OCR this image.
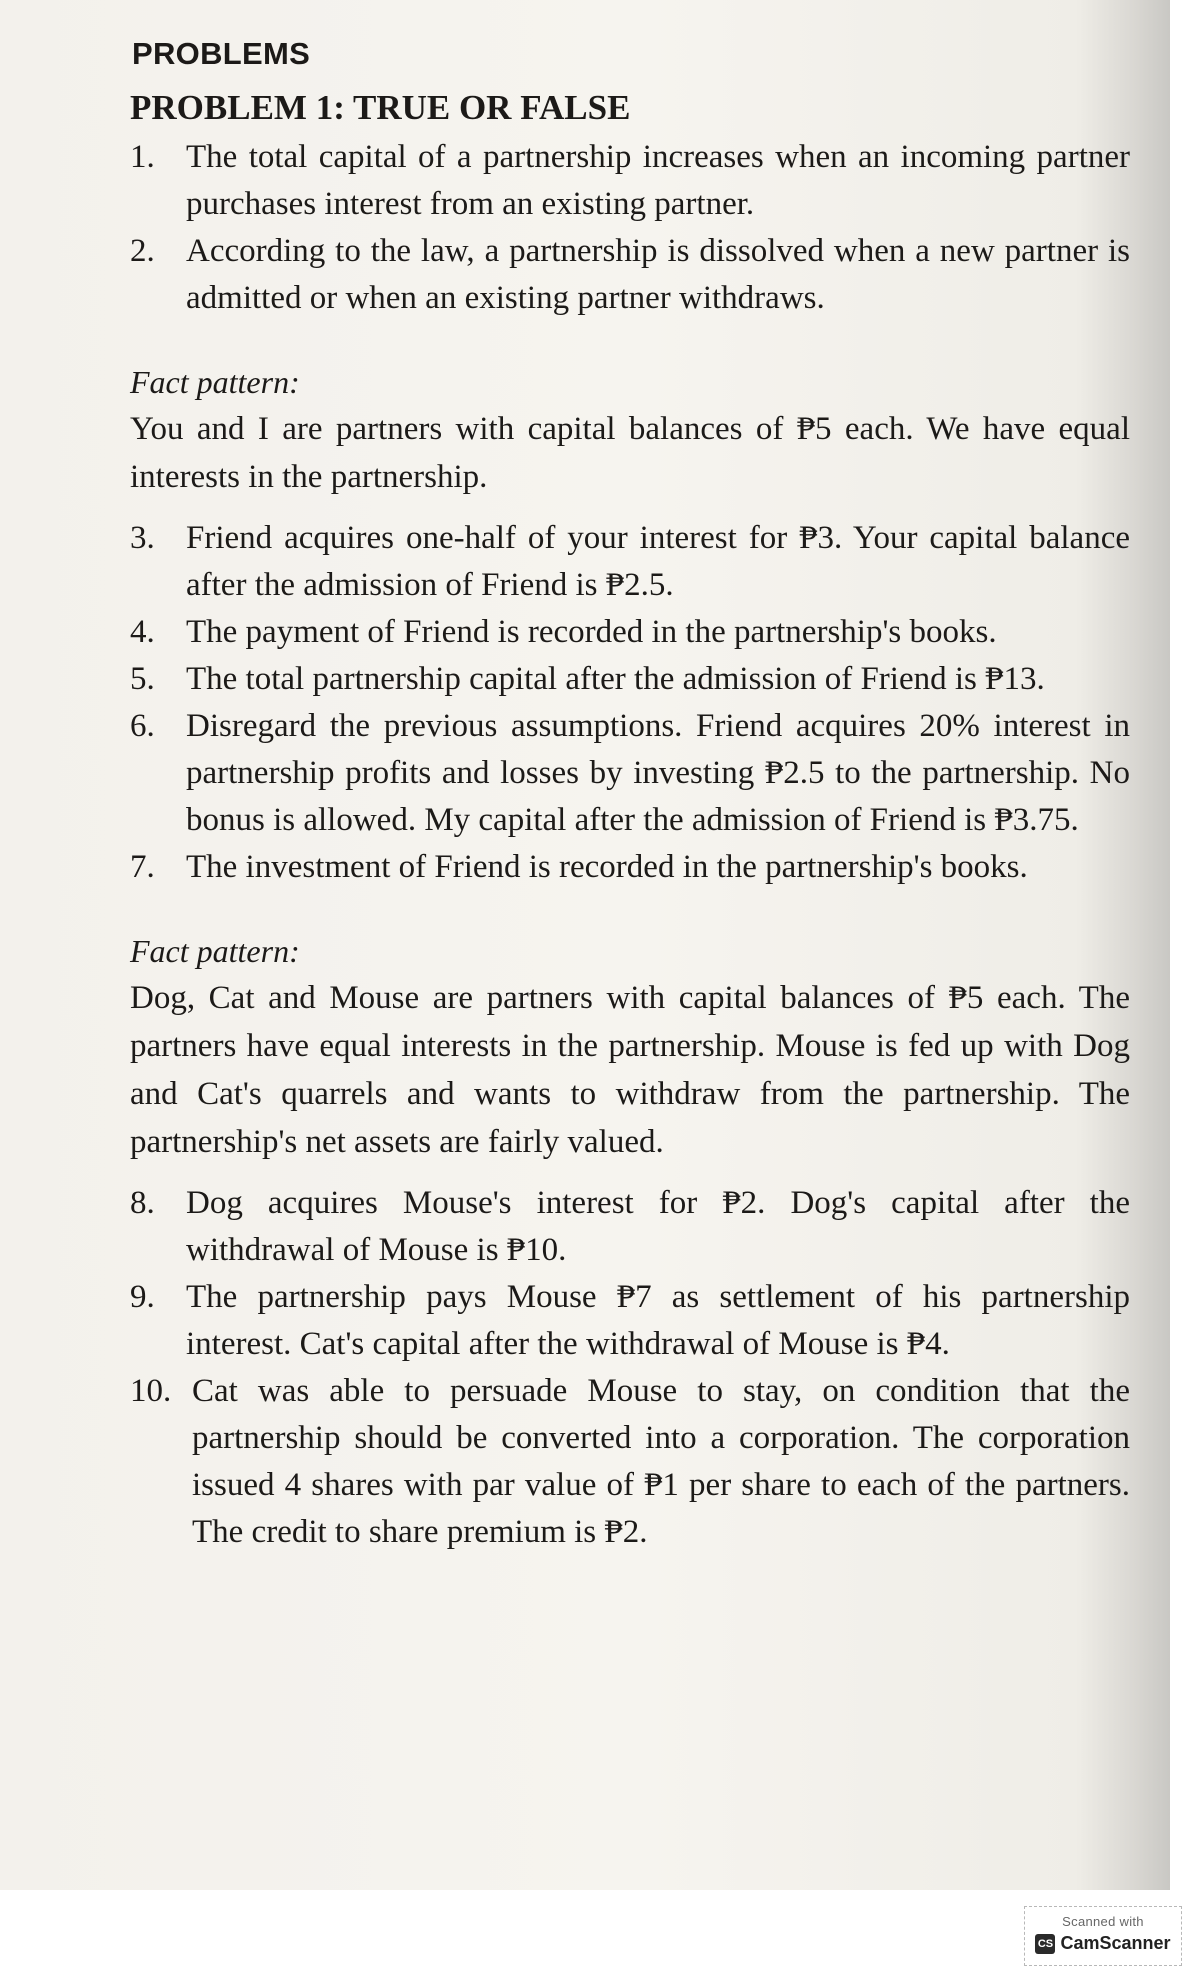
PROBLEMS
PROBLEM 1: TRUE OR FALSE
1. The total capital of a partnership increases when an incoming partner purchases interest from an existing partner.
2. According to the law, a partnership is dissolved when a new partner is admitted or when an existing partner withdraws.
Fact pattern:
You and I are partners with capital balances of ₱5 each. We have equal interests in the partnership.
3. Friend acquires one-half of your interest for ₱3. Your capital balance after the admission of Friend is ₱2.5.
4. The payment of Friend is recorded in the partnership's books.
5. The total partnership capital after the admission of Friend is ₱13.
6. Disregard the previous assumptions. Friend acquires 20% interest in partnership profits and losses by investing ₱2.5 to the partnership. No bonus is allowed. My capital after the admission of Friend is ₱3.75.
7. The investment of Friend is recorded in the partnership's books.
Fact pattern:
Dog, Cat and Mouse are partners with capital balances of ₱5 each. The partners have equal interests in the partnership. Mouse is fed up with Dog and Cat's quarrels and wants to withdraw from the partnership. The partnership's net assets are fairly valued.
8. Dog acquires Mouse's interest for ₱2. Dog's capital after the withdrawal of Mouse is ₱10.
9. The partnership pays Mouse ₱7 as settlement of his partnership interest. Cat's capital after the withdrawal of Mouse is ₱4.
10. Cat was able to persuade Mouse to stay, on condition that the partnership should be converted into a corporation. The corporation issued 4 shares with par value of ₱1 per share to each of the partners. The credit to share premium is ₱2.
Scanned with
CS CamScanner
